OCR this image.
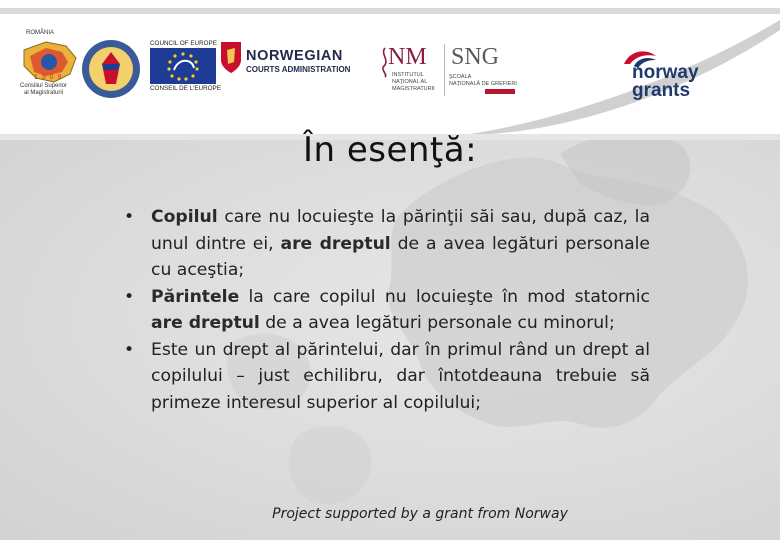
ROMÂNIA
1 9 0 9
Consiliul Superior
al Magistraturii
COUNCIL OF EUROPE
CONSEIL DE L'EUROPE
NORWEGIAN
COURTS ADMINISTRATION NM
INSTITUTUL
NAŢIONAL AL
MAGISTRATURII
SNG
ŞCOALA
NAŢIONALĂ DE GREFIERI
norway
grants
În esenţă:
• Copilul care nu locuieşte la părinţii săi sau, după caz, la unul dintre ei, are dreptul de a avea legături personale cu aceştia;
• Părintele la care copilul nu locuieşte în mod statornic are dreptul de a avea legături personale cu minorul;
• Este un drept al părintelui, dar în primul rând un drept al copilului – just echilibru, dar întotdeauna trebuie să primeze interesul superior al copilului;
Project supported by a grant from Norway
